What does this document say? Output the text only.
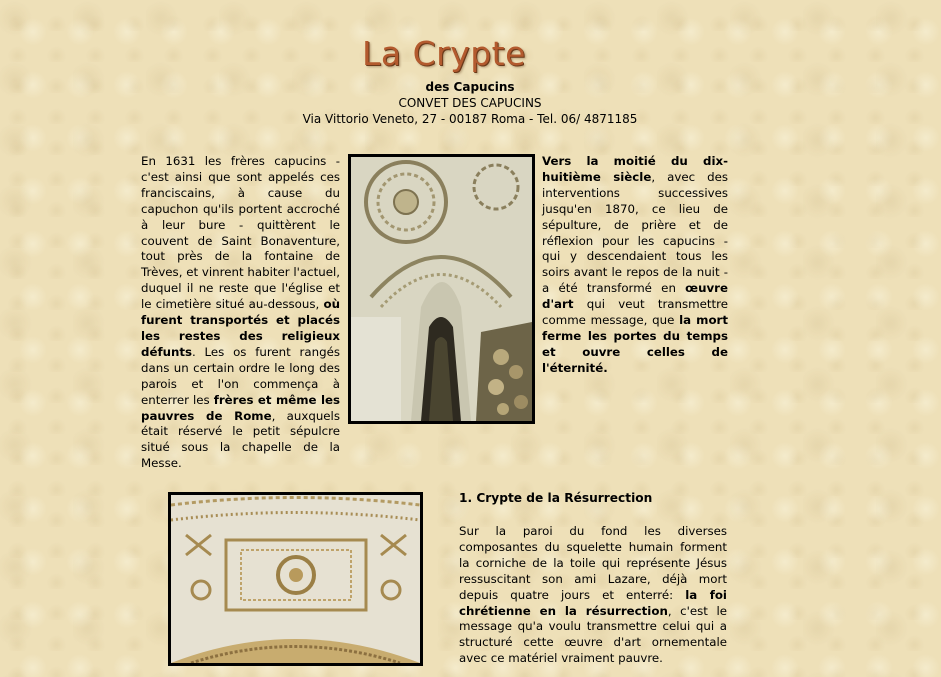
La Crypte
des Capucins
CONVET DES CAPUCINS
Via Vittorio Veneto, 27 - 00187 Roma - Tel. 06/ 4871185
En 1631 les frères capucins - c'est ainsi que sont appelés ces franciscains, à cause du capuchon qu'ils portent accroché à leur bure - quittèrent le couvent de Saint Bonaventure, tout près de la fontaine de Trèves, et vinrent habiter l'actuel, duquel il ne reste que l'église et le cimetière situé au-dessous, où furent transportés et placés les restes des religieux défunts. Les os furent rangés dans un certain ordre le long des parois et l'on commença à enterrer les frères et même les pauvres de Rome, auxquels était réservé le petit sépulcre situé sous la chapelle de la Messe.
Vers la moitié du dix-huitième siècle, avec des interventions successives jusqu'en 1870, ce lieu de sépulture, de prière et de réflexion pour les capucins - qui y descendaient tous les soirs avant le repos de la nuit - a été transformé en œuvre d'art qui veut transmettre comme message, que la mort ferme les portes du temps et ouvre celles de l'éternité.
1. Crypte de la Résurrection
Sur la paroi du fond les diverses composantes du squelette humain forment la corniche de la toile qui représente Jésus ressuscitant son ami Lazare, déjà mort depuis quatre jours et enterré: la foi chrétienne en la résurrection, c'est le message qu'a voulu transmettre celui qui a structuré cette œuvre d'art ornementale avec ce matériel vraiment pauvre.
